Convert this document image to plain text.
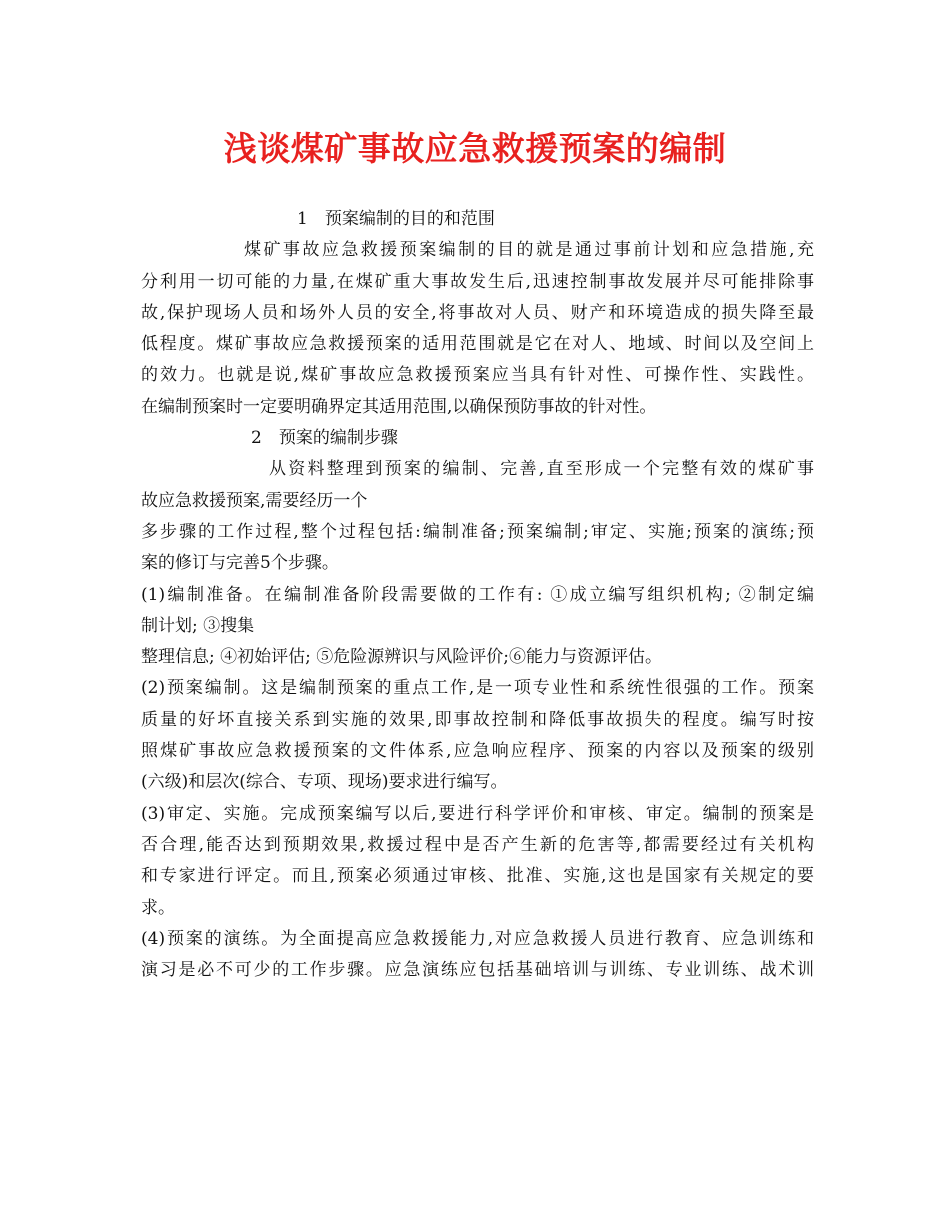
浅谈煤矿事故应急救援预案的编制
1　预案编制的目的和范围
煤矿事故应急救援预案编制的目的就是通过事前计划和应急措施,充
分利用一切可能的力量,在煤矿重大事故发生后,迅速控制事故发展并尽可能排除事
故,保护现场人员和场外人员的安全,将事故对人员、财产和环境造成的损失降至最
低程度。煤矿事故应急救援预案的适用范围就是它在对人、地域、时间以及空间上
的效力。也就是说,煤矿事故应急救援预案应当具有针对性、可操作性、实践性。
在编制预案时一定要明确界定其适用范围,以确保预防事故的针对性。
2　预案的编制步骤
从资料整理到预案的编制、完善,直至形成一个完整有效的煤矿事
故应急救援预案,需要经历一个
多步骤的工作过程,整个过程包括:编制准备;预案编制;审定、实施;预案的演练;预
案的修订与完善5个步骤。
(1)编制准备。在编制准备阶段需要做的工作有: ①成立编写组织机构; ②制定编
制计划; ③搜集
整理信息; ④初始评估; ⑤危险源辨识与风险评价;⑥能力与资源评估。
(2)预案编制。这是编制预案的重点工作,是一项专业性和系统性很强的工作。预案
质量的好坏直接关系到实施的效果,即事故控制和降低事故损失的程度。编写时按
照煤矿事故应急救援预案的文件体系,应急响应程序、预案的内容以及预案的级别
(六级)和层次(综合、专项、现场)要求进行编写。
(3)审定、实施。完成预案编写以后,要进行科学评价和审核、审定。编制的预案是
否合理,能否达到预期效果,救援过程中是否产生新的危害等,都需要经过有关机构
和专家进行评定。而且,预案必须通过审核、批准、实施,这也是国家有关规定的要
求。
(4)预案的演练。为全面提高应急救援能力,对应急救援人员进行教育、应急训练和
演习是必不可少的工作步骤。应急演练应包括基础培训与训练、专业训练、战术训
